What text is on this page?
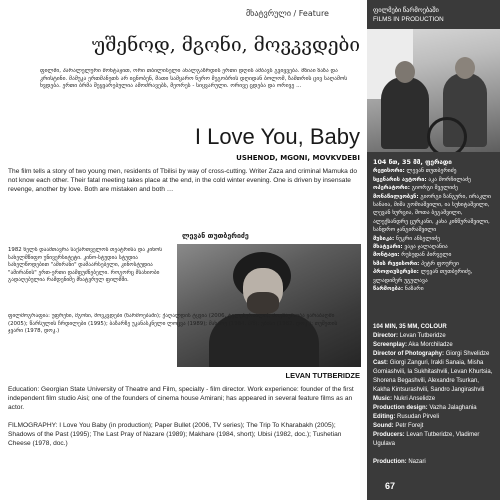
მხატვრული / Feature
უშენოდ, მგონი, მოვკვდები
ფილმი, პარალელური მონტაჟით, ორი თბილისელი ახალგაზრდის ერთი დღის ამბავს გვიყვება. მზიაი ზაზა და კრისტინი. მამუკა ერთმანეთს არ იცნობენ, მათი სამყარო ნერო მეგობრის დღიდან ბოლომ, ზამთრის ცივ საღამოს ხვდება. ერთი ბრმა შეყვარებულია ამოძრავებს, მეორეს - სიყვარული. ორივე ცდება და ორივე ...
I Love You, Baby
USHENOD, MGONI, MOVKVDEBI
The film tells a story of two young men, residents of Tbilisi by way of cross-cutting. Writer Zaza and criminal Mamuka do not know each other. Their fatal meeting takes place at the end, in the cold winter evening. One is driven by insensate revenge, another by love. Both are mistaken and both …
ლევან თუთბერიძე
1982 წელს დაამთავრა საქართველოს თეატრისა და კინოს სახელმწიფო უნივერსიტეტი. კინო-სტუდია სტუდია სახელწოდებით "ამირანი" დამაარსებელი, კინოსტუდია "ამირანის" ერთ-ერთი დამფუძნებელი. როგორც მსახიობი გადაღებულია რამდენიმე მხატვრულ ფილმში.
ფილმოგრაფია: უფრენი, მგონი, მოვკვდები (წარმოებაში); ქაღალდის ტყვია (2006, ტელესერიალი); მოგზაურობა ყარაბაღში (2005); წარსულის ჩრდილები (1995); ბაზარზე უკანასკნელი ლოცვა (1989); მახარე (1984, მ/მ); უბისი (1982, დოკ.); თუშეთის ჯვარი (1978, დოკ.)
LEVAN TUTBERIDZE
Education: Georgian State University of Theatre and Film, specialty - film director. Work experience: founder of the first independent film studio Aisi; one of the founders of cinema house Amirani; has appeared in several feature films as an actor.
FILMOGRAPHY: I Love You Baby (in production); Paper Bullet (2006, TV series); The Trip To Kharabakh (2005); Shadows of the Past (1995); The Last Pray of Nazare (1989); Makhare (1984, short); Ubisi (1982, doc.); Tushetian Cheese (1978, doc.)
ფილმები წარმოებაში
FILMS IN PRODUCTION
104 წთ, 35 მმ, ფერადი
რეჟისორი: ლევან თუთბერიძე
სცენარის ავტორი: აკა მორჩილაძე
ოპერატორი: გიორგი შველიძე
მონაწილეობენ: გიორგი ზანგური, ირაკლი სანაია, მიშა გომიაშვილი, ია სუხიტაშვილი, ლევან ხურცია, შოთა ბეგაშვილი, ალექსანდრე ცურკანი, კახა კინწურაშვილი, სანდრო ჯანგირაშვილი
მუსიკა: ნუკრი ანსელიძე
მხატვარი: ვაჟა ჯალაღანია
მონტაჟი: რუსუდან პირველი
ხმის რეჟისორი: პეტრ ფოურეი
პროდიუსერები: ლევან თუთბერიძე, ვლადიმერ უგულავა
წარმოება: ნაზარი
104 MIN, 35 MM, COLOUR
Director: Levan Tutberidze
Screenplay: Aka Morchiladze
Director of Photography: Giorgi Shvelidze
Cast: Giorgi Zanguri, Irakli Sanaia, Misha Gomiashvili, Ia Sukhitashvili, Levan Khurtsia, Shorena Begashvili, Alexandre Tsurkan, Kakha Kintsurashvili, Sandro Jangirashvili
Music: Nukri Anselidze
Production design: Vazha Jalaghania
Editing: Rusudan Pirveli
Sound: Petr Forejt
Producers: Levan Tutberidze, Vladimer Ugulava
Production: Nazari
67
